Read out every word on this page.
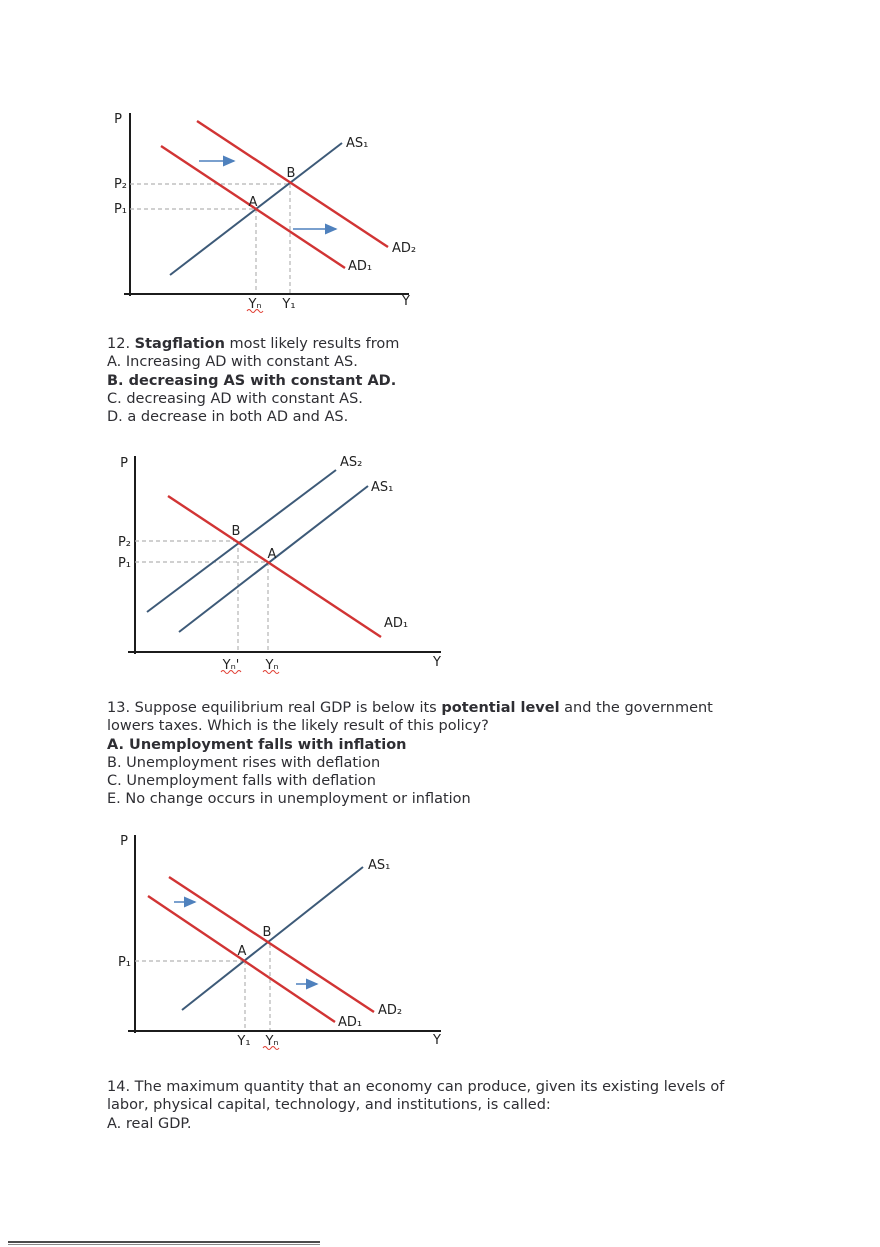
P
Y
AS₁
AD₂
AD₁
A
B
P₂
P₁
Yₙ Y₁
12. Stagflation most likely results from
A. Increasing AD with constant AS.
B. decreasing AS with constant AD.
C. decreasing AD with constant AS.
D. a decrease in both AD and AS.
P
Y
AS₂
AS₁
AD₁
B
A
P₂
P₁
Yₙ' Yₙ
13. Suppose equilibrium real GDP is below its potential level and the government
lowers taxes. Which is the likely result of this policy?
A. Unemployment falls with inflation
B. Unemployment rises with deflation
C. Unemployment falls with deflation
E. No change occurs in unemployment or inflation
P
Y
AS₁
AD₂
AD₁
A
B
P₁
Y₁ Yₙ
14. The maximum quantity that an economy can produce, given its existing levels of
labor, physical capital, technology, and institutions, is called:
A. real GDP.
